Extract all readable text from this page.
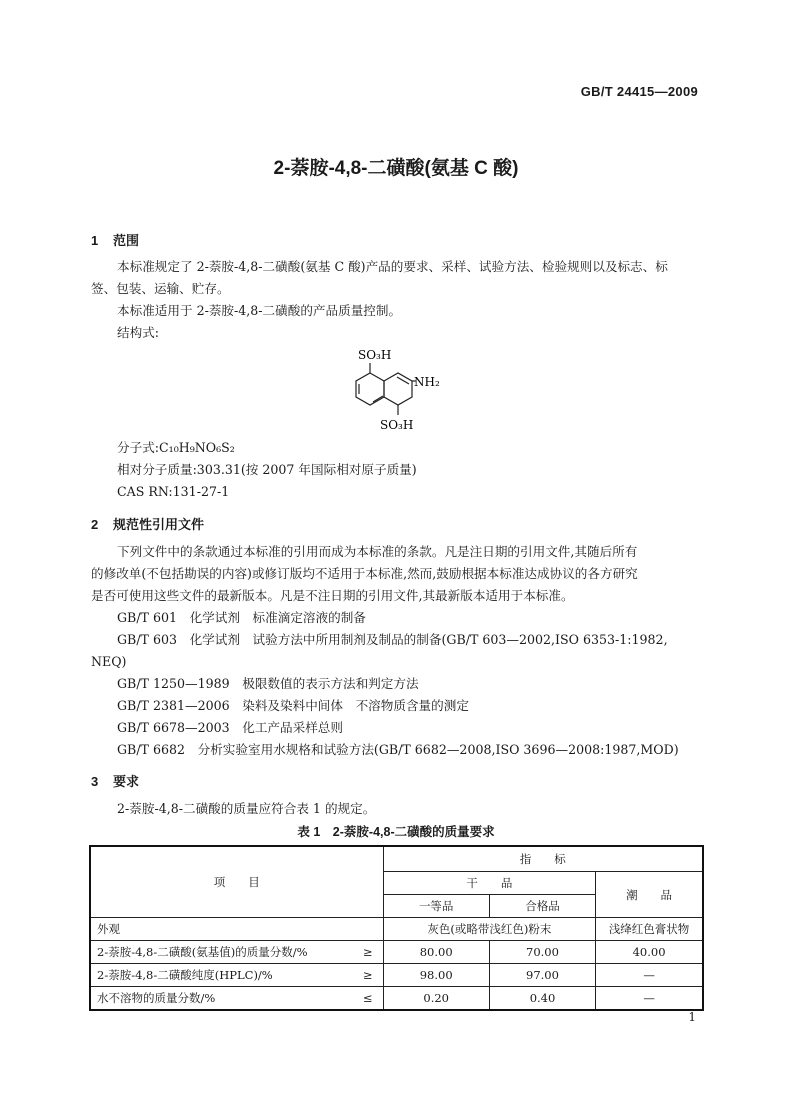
GB/T 24415—2009
2-萘胺-4,8-二磺酸(氨基 C 酸)
1 范围
本标准规定了 2-萘胺-4,8-二磺酸(氨基 C 酸)产品的要求、采样、试验方法、检验规则以及标志、标
签、包装、运输、贮存。
本标准适用于 2-萘胺-4,8-二磺酸的产品质量控制。
结构式:
SO₃H
NH₂
SO₃H
分子式:C₁₀H₉NO₆S₂
相对分子质量:303.31(按 2007 年国际相对原子质量)
CAS RN:131-27-1
2 规范性引用文件
下列文件中的条款通过本标准的引用而成为本标准的条款。凡是注日期的引用文件,其随后所有
的修改单(不包括勘误的内容)或修订版均不适用于本标准,然而,鼓励根据本标准达成协议的各方研究
是否可使用这些文件的最新版本。凡是不注日期的引用文件,其最新版本适用于本标准。
GB/T 601　化学试剂　标准滴定溶液的制备
GB/T 603　化学试剂　试验方法中所用制剂及制品的制备(GB/T 603—2002,ISO 6353-1:1982,
NEQ)
GB/T 1250—1989　极限数值的表示方法和判定方法
GB/T 2381—2006　染料及染料中间体　不溶物质含量的测定
GB/T 6678—2003　化工产品采样总则
GB/T 6682　分析实验室用水规格和试验方法(GB/T 6682—2008,ISO 3696—2008:1987,MOD)
3 要求
2-萘胺-4,8-二磺酸的质量应符合表 1 的规定。
表 1　2-萘胺-4,8-二磺酸的质量要求
项　　目		指　　标		
		干　　品		潮　　品
		一等品	合格品	
外观		灰色(或略带浅红色)粉末		浅绛红色膏状物
2-萘胺-4,8-二磺酸(氨基值)的质量分数/%	≥	80.00	70.00	40.00
2-萘胺-4,8-二磺酸纯度(HPLC)/%	≥	98.00	97.00	—
水不溶物的质量分数/%	≤	0.20	0.40	—
1
